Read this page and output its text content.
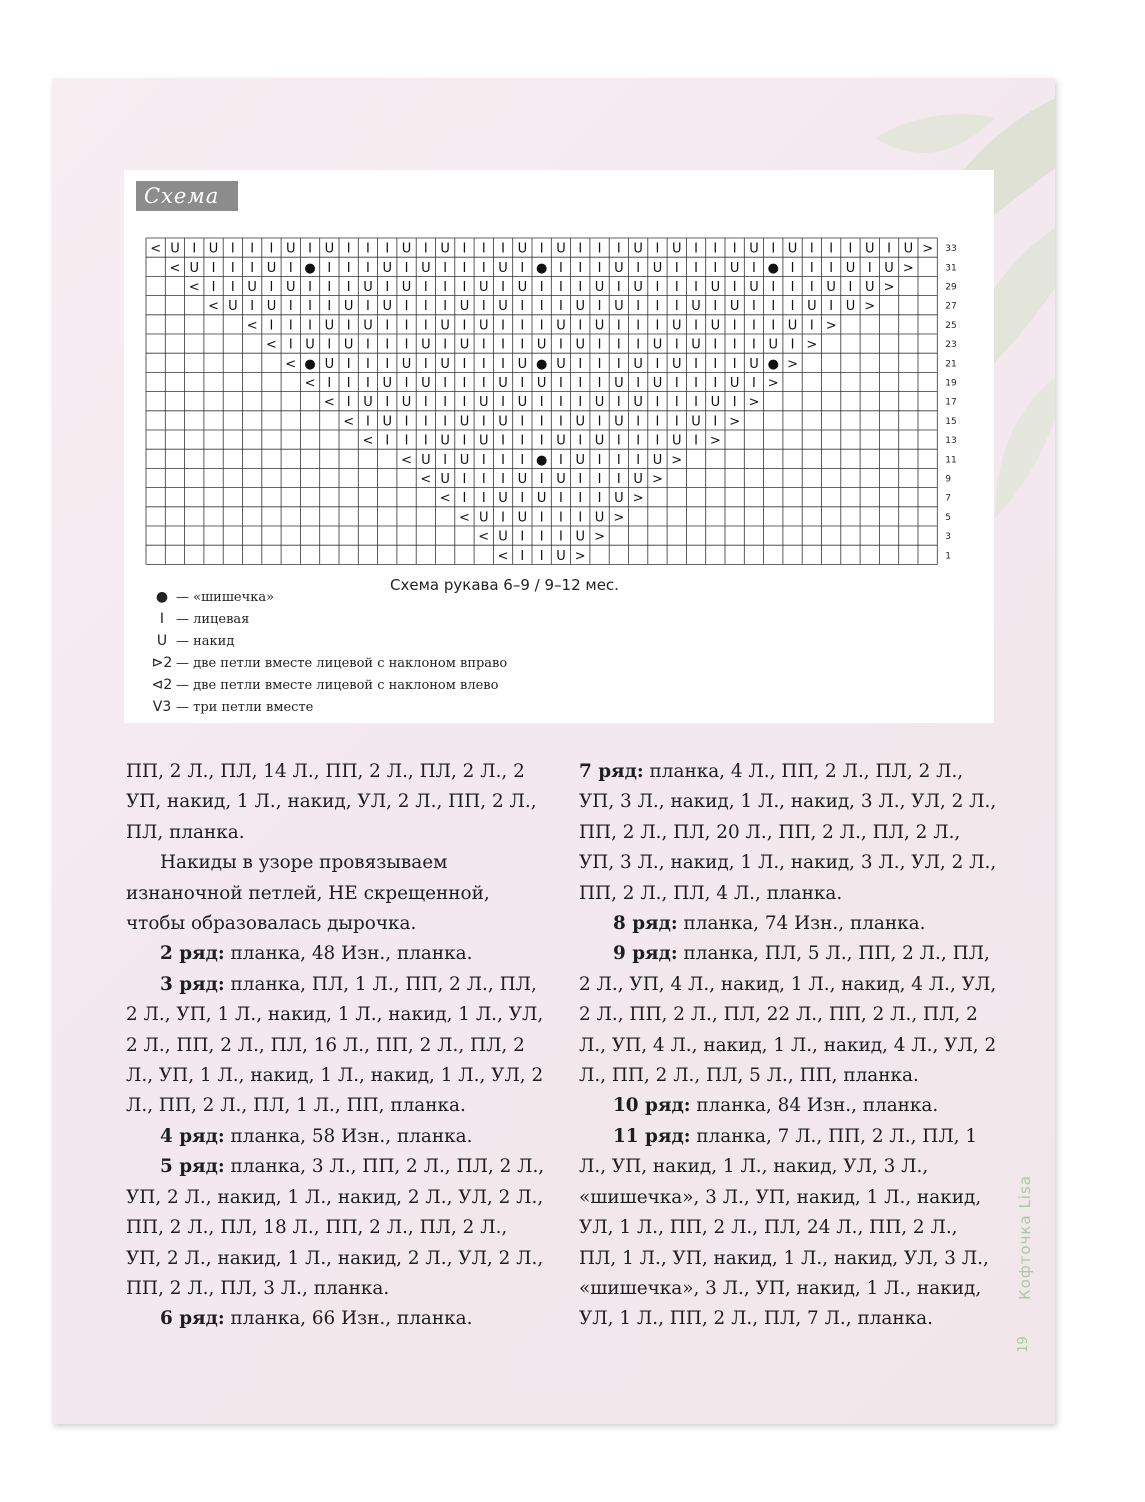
Схема 3
33
31
29
27
25
23
21
19
17
15
13
11
9
7
5
3
1
< U I U I I I U I U I I I U I U I I I U I U I I I U I U I I I U I U I I I U I U >
< U I I I U I ● I I I U I U I I I U I ● I I I U I U I I I U I ● I I I U I U >
< I I U I U I I I U I U I I I U I U I I I U I U I I I U I U I I I U I U >
< U I U I I I U I U I I I U I U I I I U I U I I I U I U I I I U I U >
< I I I U I U I I I U I U I I I U I U I I I U I U I I I U I >
< I U I U I I I U I U I I I U I U I I I U I U I I I U I >
< ● U I I I U I U I I I U ● U I I I U I U I I I U ● >
< I I I U I U I I I U I U I I I U I U I I I U I >
< I U I U I I I U I U I I I U I U I I I U I >
< I U I I I U I U I I I U I U I I I U I >
< I I I U I U I I I U I U I I I U I >
< U I U I I I ● I U I I I U >
< U I I I U I U I I I U >
< I I U I U I I I U >
< U I U I I I U >
< U I I I U >
< I I U >
Схема рукава 6–9 / 9–12 мес.
● — «шишечка»
I — лицевая
U — накид
⊳2 — две петли вместе лицевой с наклоном вправо
⊲2 — две петли вместе лицевой с наклоном влево
V3 — три петли вместе

ПП, 2 Л., ПЛ, 14 Л., ПП, 2 Л., ПЛ, 2 Л., 2 УП, накид, 1 Л., накид, УЛ, 2 Л., ПП, 2 Л., ПЛ, планка.

Накиды в узоре провязываем изнаночной петлей, НЕ скрещенной, чтобы образовалась дырочка.

2 ряд: планка, 48 Изн., планка.

3 ряд: планка, ПЛ, 1 Л., ПП, 2 Л., ПЛ, 2 Л., УП, 1 Л., накид, 1 Л., накид, 1 Л., УЛ, 2 Л., ПП, 2 Л., ПЛ, 16 Л., ПП, 2 Л., ПЛ, 2 Л., УП, 1 Л., накид, 1 Л., накид, 1 Л., УЛ, 2 Л., ПП, 2 Л., ПЛ, 1 Л., ПП, планка.

4 ряд: планка, 58 Изн., планка.

5 ряд: планка, 3 Л., ПП, 2 Л., ПЛ, 2 Л., УП, 2 Л., накид, 1 Л., накид, 2 Л., УЛ, 2 Л., ПП, 2 Л., ПЛ, 18 Л., ПП, 2 Л., ПЛ, 2 Л., УП, 2 Л., накид, 1 Л., накид, 2 Л., УЛ, 2 Л., ПП, 2 Л., ПЛ, 3 Л., планка.

6 ряд: планка, 66 Изн., планка.

7 ряд: планка, 4 Л., ПП, 2 Л., ПЛ, 2 Л., УП, 3 Л., накид, 1 Л., накид, 3 Л., УЛ, 2 Л., ПП, 2 Л., ПЛ, 20 Л., ПП, 2 Л., ПЛ, 2 Л., УП, 3 Л., накид, 1 Л., накид, 3 Л., УЛ, 2 Л., ПП, 2 Л., ПЛ, 4 Л., планка.

8 ряд: планка, 74 Изн., планка.

9 ряд: планка, ПЛ, 5 Л., ПП, 2 Л., ПЛ, 2 Л., УП, 4 Л., накид, 1 Л., накид, 4 Л., УЛ, 2 Л., ПП, 2 Л., ПЛ, 22 Л., ПП, 2 Л., ПЛ, 2 Л., УП, 4 Л., накид, 1 Л., накид, 4 Л., УЛ, 2 Л., ПП, 2 Л., ПЛ, 5 Л., ПП, планка.

10 ряд: планка, 84 Изн., планка.

11 ряд: планка, 7 Л., ПП, 2 Л., ПЛ, 1 Л., УП, накид, 1 Л., накид, УЛ, 3 Л., «шишечка», 3 Л., УП, накид, 1 Л., накид, УЛ, 1 Л., ПП, 2 Л., ПЛ, 24 Л., ПП, 2 Л., ПЛ, 1 Л., УП, накид, 1 Л., накид, УЛ, 3 Л., «шишечка», 3 Л., УП, накид, 1 Л., накид, УЛ, 1 Л., ПП, 2 Л., ПЛ, 7 Л., планка.

Кофточка Lisa
19
